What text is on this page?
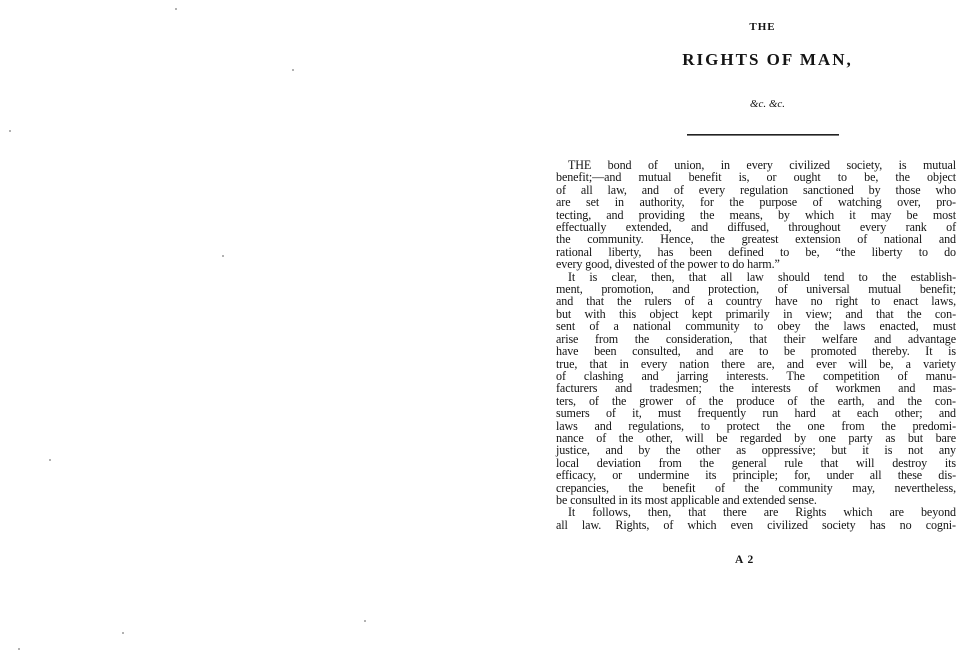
THE
RIGHTS OF MAN,
&c. &c.
THE bond of union, in every civilized society, is mutual
benefit;—and mutual benefit is, or ought to be, the object
of all law, and of every regulation sanctioned by those who
are set in authority, for the purpose of watching over, pro-
tecting, and providing the means, by which it may be most
effectually extended, and diffused, throughout every rank of
the community. Hence, the greatest extension of national and
rational liberty, has been defined to be, “the liberty to do
every good, divested of the power to do harm.”
It is clear, then, that all law should tend to the establish-
ment, promotion, and protection, of universal mutual benefit;
and that the rulers of a country have no right to enact laws,
but with this object kept primarily in view; and that the con-
sent of a national community to obey the laws enacted, must
arise from the consideration, that their welfare and advantage
have been consulted, and are to be promoted thereby. It is
true, that in every nation there are, and ever will be, a variety
of clashing and jarring interests. The competition of manu-
facturers and tradesmen; the interests of workmen and mas-
ters, of the grower of the produce of the earth, and the con-
sumers of it, must frequently run hard at each other; and
laws and regulations, to protect the one from the predomi-
nance of the other, will be regarded by one party as but bare
justice, and by the other as oppressive; but it is not any
local deviation from the general rule that will destroy its
efficacy, or undermine its principle; for, under all these dis-
crepancies, the benefit of the community may, nevertheless,
be consulted in its most applicable and extended sense.
It follows, then, that there are Rights which are beyond
all law. Rights, of which even civilized society has no cogni-
A 2
